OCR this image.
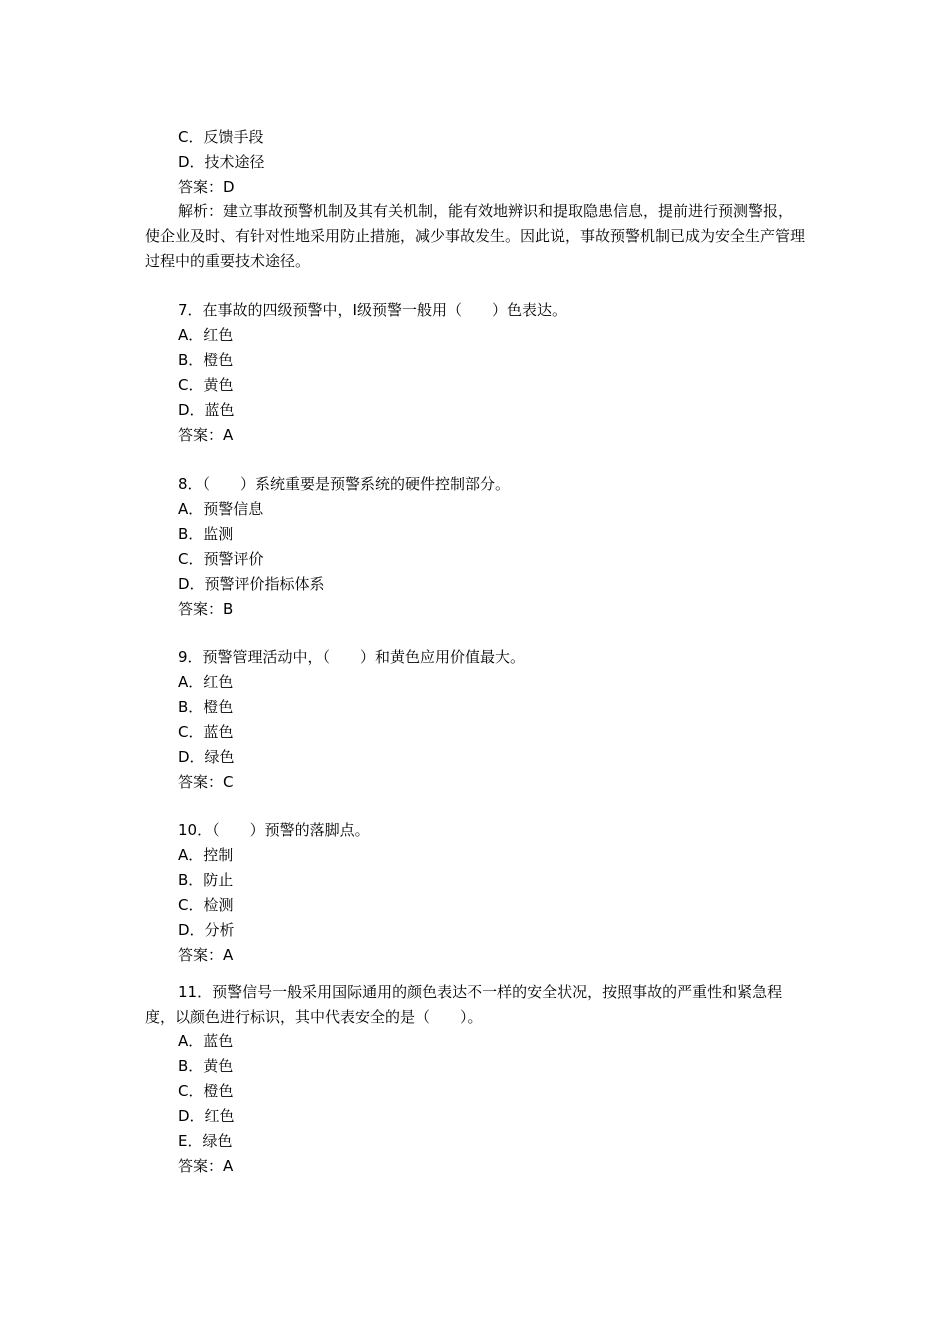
C．反馈手段
D．技术途径
答案：D
解析：建立事故预警机制及其有关机制，能有效地辨识和提取隐患信息，提前进行预测警报，使企业及时、有针对性地采用防止措施，减少事故发生。因此说，事故预警机制已成为安全生产管理过程中的重要技术途径。
7．在事故的四级预警中，Ⅰ级预警一般用（　　）色表达。
A．红色
B．橙色
C．黄色
D．蓝色
答案：A
8．（　　）系统重要是预警系统的硬件控制部分。
A．预警信息
B．监测
C．预警评价
D．预警评价指标体系
答案：B
9．预警管理活动中，（　　）和黄色应用价值最大。
A．红色
B．橙色
C．蓝色
D．绿色
答案：C
10．（　　）预警的落脚点。
A．控制
B．防止
C．检测
D．分析
答案：A
11．预警信号一般采用国际通用的颜色表达不一样的安全状况，按照事故的严重性和紧急程度，以颜色进行标识，其中代表安全的是（　　）。
A．蓝色
B．黄色
C．橙色
D．红色
E．绿色
答案：A
